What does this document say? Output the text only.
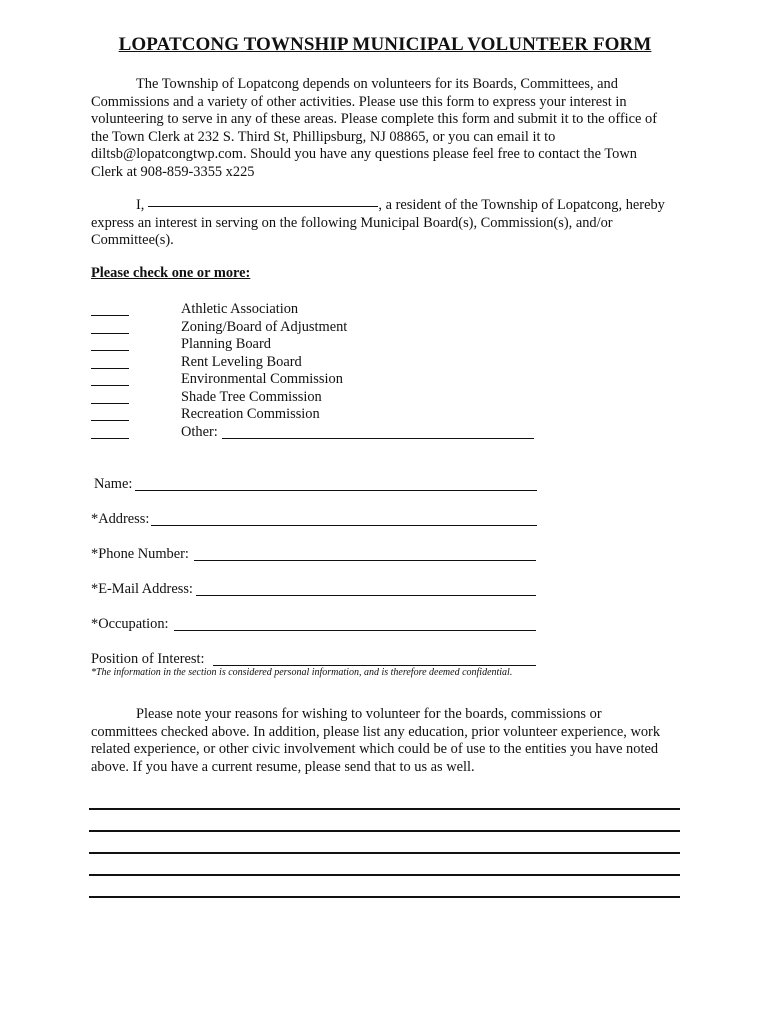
LOPATCONG TOWNSHIP MUNICIPAL VOLUNTEER FORM
The Township of Lopatcong depends on volunteers for its Boards, Committees, and
Commissions and a variety of other activities. Please use this form to express your interest in
volunteering to serve in any of these areas. Please complete this form and submit it to the office of
the Town Clerk at 232 S. Third St, Phillipsburg, NJ 08865, or you can email it to
diltsb@lopatcongtwp.com. Should you have any questions please feel free to contact the Town
Clerk at 908-859-3355 x225
I,	, a resident of the Township of Lopatcong, hereby
express an interest in serving on the following Municipal Board(s), Commission(s), and/or
Committee(s).
Please check one or more:
Athletic Association
Zoning/Board of Adjustment
Planning Board
Rent Leveling Board
Environmental Commission
Shade Tree Commission
Recreation Commission
Other:
Name:
*Address:
*Phone Number:
*E-Mail Address:
*Occupation:
Position of Interest:
*The information in the section is considered personal information, and is therefore deemed confidential.
Please note your reasons for wishing to volunteer for the boards, commissions or
committees checked above. In addition, please list any education, prior volunteer experience, work
related experience, or other civic involvement which could be of use to the entities you have noted
above. If you have a current resume, please send that to us as well.
